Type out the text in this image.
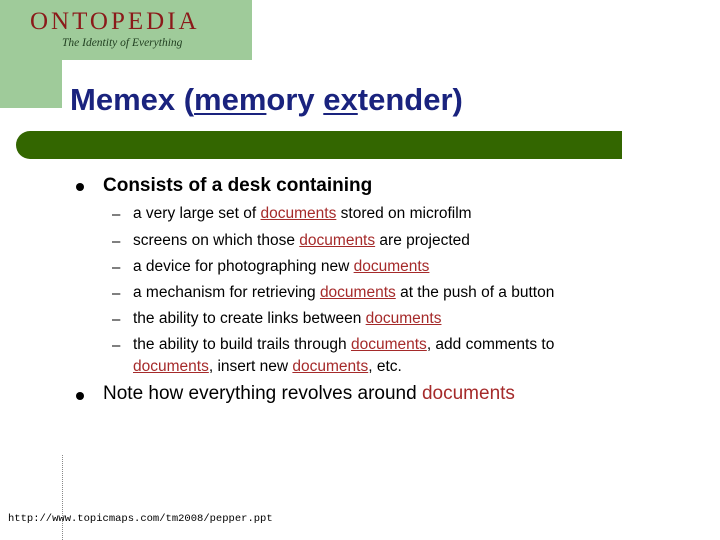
ONTOPEDIA
The Identity of Everything
Memex (memory extender)
Consists of a desk containing
– a very large set of documents stored on microfilm
– screens on which those documents are projected
– a device for photographing new documents
– a mechanism for retrieving documents at the push of a button
– the ability to create links between documents
– the ability to build trails through documents, add comments to
documents, insert new documents, etc.
Note how everything revolves around documents
http://www.topicmaps.com/tm2008/pepper.ppt
